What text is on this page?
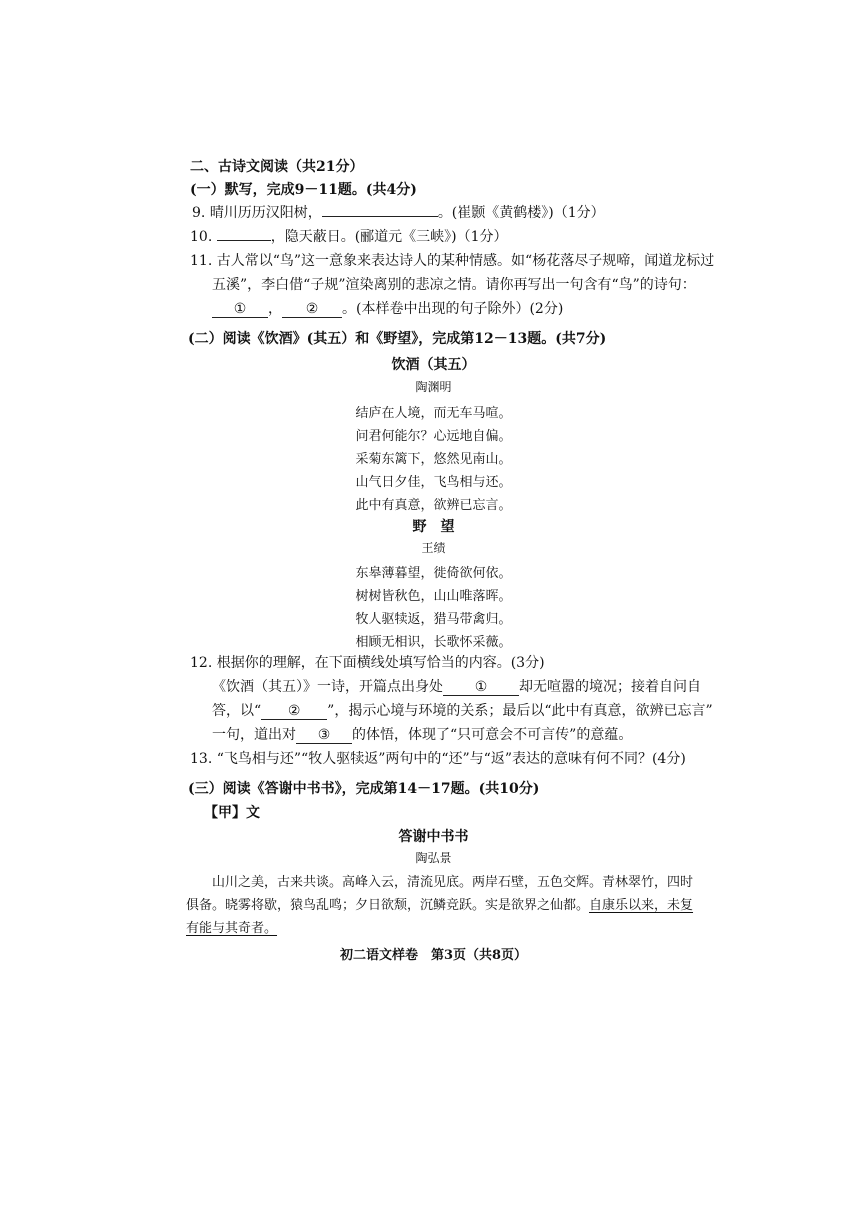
二、古诗文阅读（共21分）
(一）默写，完成9－11题。(共4分)
9. 晴川历历汉阳树，	。(崔颢《黄鹤楼》)（1分）
10.	，隐天蔽日。(郦道元《三峡》)（1分）
11. 古人常以“鸟”这一意象来表达诗人的某种情感。如“杨花落尽子规啼，闻道龙标过
五溪”，李白借“子规”渲染离别的悲凉之情。请你再写出一句含有“鸟”的诗句：
① ， ② 。(本样卷中出现的句子除外）(2分)
(二）阅读《饮酒》(其五）和《野望》，完成第12－13题。(共7分)
饮酒（其五）
陶渊明
结庐在人境，而无车马喧。
问君何能尔？心远地自偏。
采菊东篱下，悠然见南山。
山气日夕佳，飞鸟相与还。
此中有真意，欲辨已忘言。
野　望
王绩
东皋薄暮望，徙倚欲何依。
树树皆秋色，山山唯落晖。
牧人驱犊返，猎马带禽归。
相顾无相识，长歌怀采薇。
12. 根据你的理解，在下面横线处填写恰当的内容。(3分)
《饮酒（其五）》一诗，开篇点出身处 ① 却无喧嚣的境况；接着自问自
答，以“ ② ”，揭示心境与环境的关系；最后以“此中有真意，欲辨已忘言”
一句，道出对 ③ 的体悟，体现了“只可意会不可言传”的意蕴。
13. “飞鸟相与还”“牧人驱犊返”两句中的“还”与“返”表达的意味有何不同？(4分)
(三）阅读《答谢中书书》，完成第14－17题。(共10分)
【甲】文
答谢中书书
陶弘景
山川之美，古来共谈。高峰入云，清流见底。两岸石壁，五色交辉。青林翠竹，四时
俱备。晓雾将歇，猿鸟乱鸣；夕日欲颓，沉鳞竞跃。实是欲界之仙都。自康乐以来，未复
有能与其奇者。
初二语文样卷　第3页（共8页）
